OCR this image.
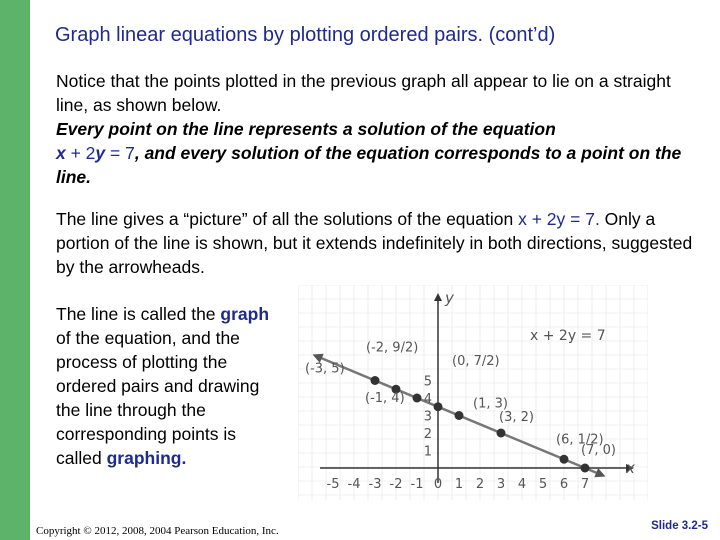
Graph linear equations by plotting ordered pairs. (cont’d)
Notice that the points plotted in the previous graph all appear to lie on a straight line, as shown below.
Every point on the line represents a solution of the equation
x + 2y = 7, and every solution of the equation corresponds to a point on the line.
The line gives a “picture” of all the solutions of the equation x + 2y = 7. Only a portion of the line is shown, but it extends indefinitely in both directions, suggested by the arrowheads.
The line is called the graph of the equation, and the process of plotting the ordered pairs and drawing the line through the corresponding points is called graphing.	x
y
x + 2y = 7
-5 -4 -3 -2 -1 0 1 2 3 4 5 6 7
1
2
3
4
5
(-3, 5)
(-2, 9/2)
(-1, 4)
(0, 7/2)
(1, 3)
(3, 2)
(6, 1/2)
(7, 0)
Copyright © 2012, 2008, 2004 Pearson Education, Inc.	Slide 3.2-5
